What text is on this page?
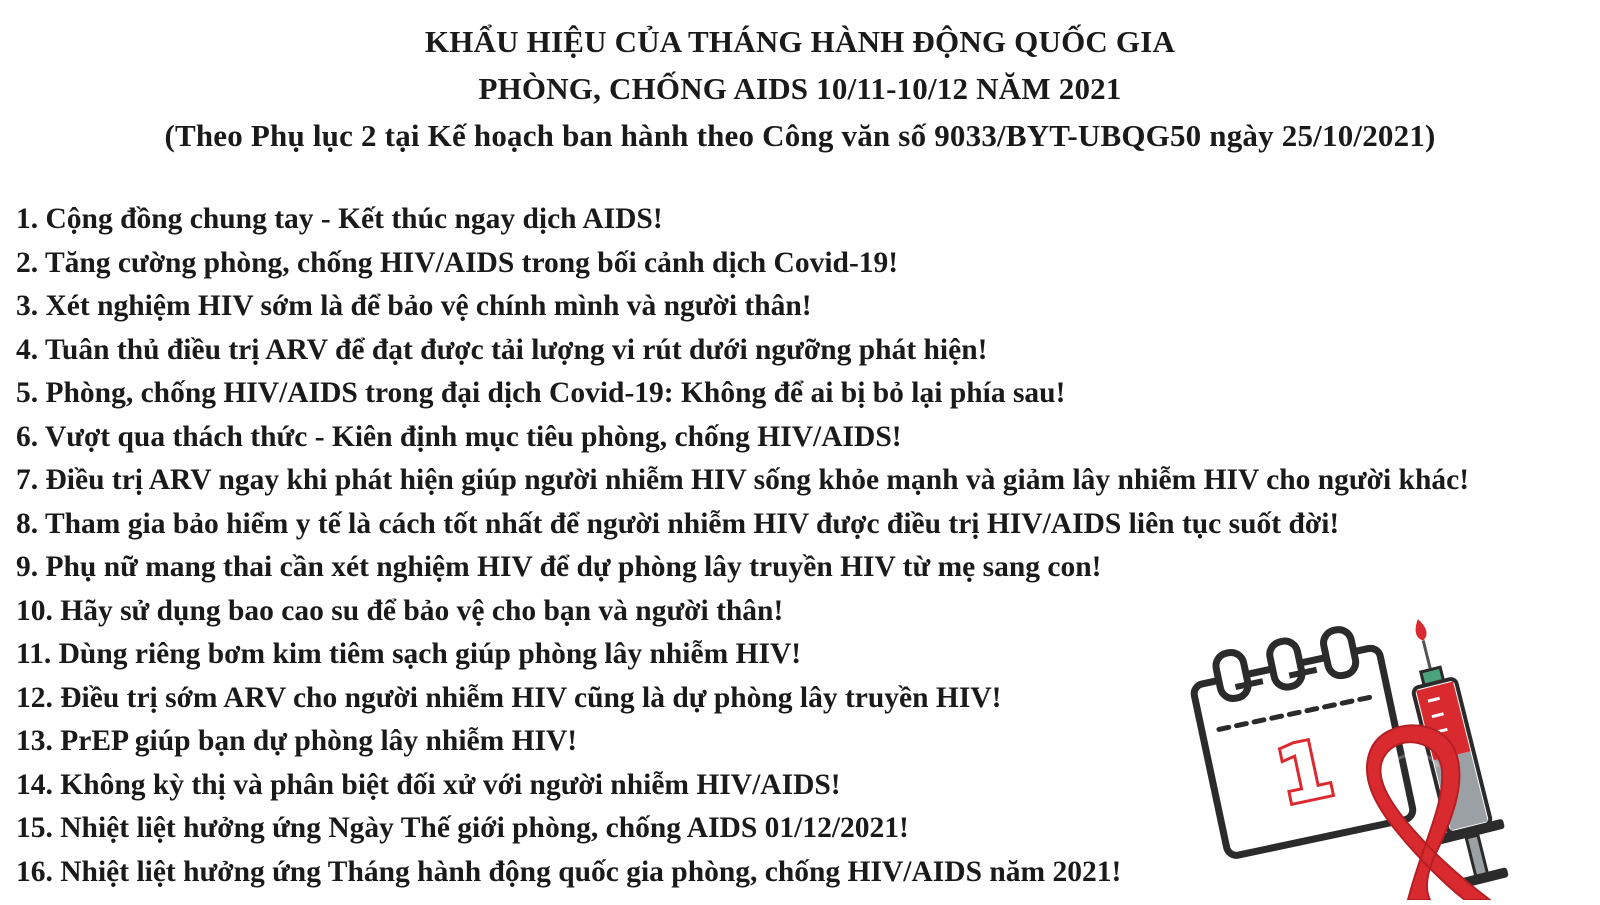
KHẨU HIỆU CỦA THÁNG HÀNH ĐỘNG QUỐC GIA
PHÒNG, CHỐNG AIDS 10/11-10/12 NĂM 2021
(Theo Phụ lục 2 tại Kế hoạch ban hành theo Công văn số 9033/BYT-UBQG50 ngày 25/10/2021)
1. Cộng đồng chung tay - Kết thúc ngay dịch AIDS!
2. Tăng cường phòng, chống HIV/AIDS trong bối cảnh dịch Covid-19!
3. Xét nghiệm HIV sớm là để bảo vệ chính mình và người thân!
4. Tuân thủ điều trị ARV để đạt được tải lượng vi rút dưới ngưỡng phát hiện!
5. Phòng, chống HIV/AIDS trong đại dịch Covid-19: Không để ai bị bỏ lại phía sau!
6. Vượt qua thách thức - Kiên định mục tiêu phòng, chống HIV/AIDS!
7. Điều trị ARV ngay khi phát hiện giúp người nhiễm HIV sống khỏe mạnh và giảm lây nhiễm HIV cho người khác!
8. Tham gia bảo hiểm y tế là cách tốt nhất để người nhiễm HIV được điều trị HIV/AIDS liên tục suốt đời!
9. Phụ nữ mang thai cần xét nghiệm HIV để dự phòng lây truyền HIV từ mẹ sang con!
10. Hãy sử dụng bao cao su để bảo vệ cho bạn và người thân!
11. Dùng riêng bơm kim tiêm sạch giúp phòng lây nhiễm HIV!
12. Điều trị sớm ARV cho người nhiễm HIV cũng là dự phòng lây truyền HIV!
13. PrEP giúp bạn dự phòng lây nhiễm HIV!
14. Không kỳ thị và phân biệt đối xử với người nhiễm HIV/AIDS!
15. Nhiệt liệt hưởng ứng Ngày Thế giới phòng, chống AIDS 01/12/2021!
16. Nhiệt liệt hưởng ứng Tháng hành động quốc gia phòng, chống HIV/AIDS năm 2021!
1
